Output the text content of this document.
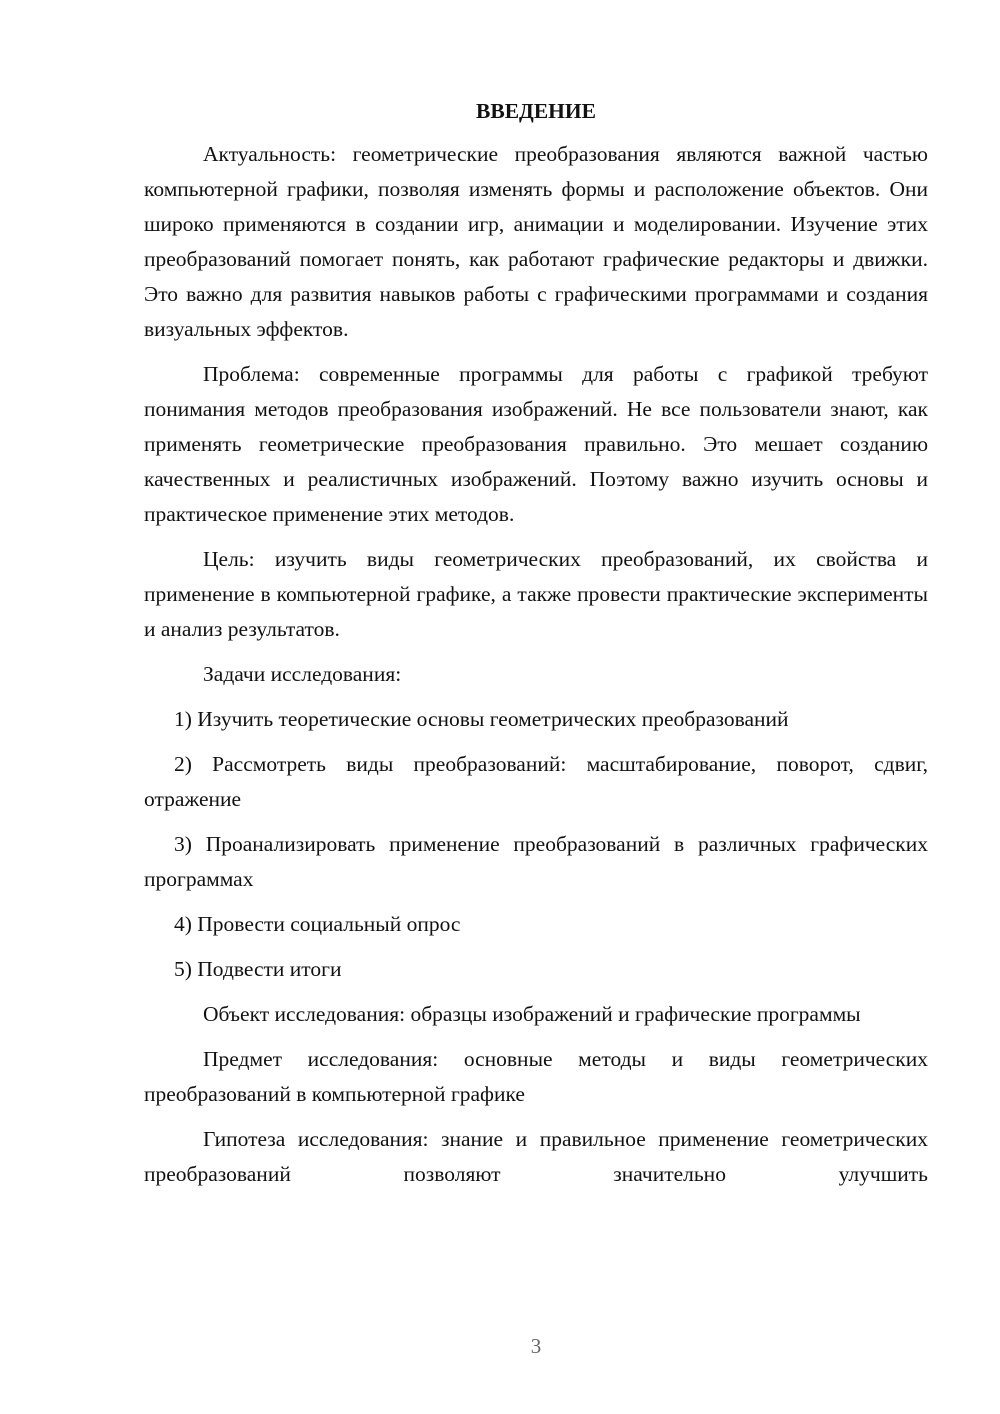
ВВЕДЕНИЕ

Актуальность: геометрические преобразования являются важной частью компьютерной графики, позволяя изменять формы и расположение объектов. Они широко применяются в создании игр, анимации и моделировании. Изучение этих преобразований помогает понять, как работают графические редакторы и движки. Это важно для развития навыков работы с графическими программами и создания визуальных эффектов.

Проблема: современные программы для работы с графикой требуют понимания методов преобразования изображений. Не все пользователи знают, как применять геометрические преобразования правильно. Это мешает созданию качественных и реалистичных изображений. Поэтому важно изучить основы и практическое применение этих методов.

Цель: изучить виды геометрических преобразований, их свойства и применение в компьютерной графике, а также провести практические эксперименты и анализ результатов.

Задачи исследования:

1) Изучить теоретические основы геометрических преобразований

2) Рассмотреть виды преобразований: масштабирование, поворот, сдвиг, отражение

3) Проанализировать применение преобразований в различных графических программах

4) Провести социальный опрос

5) Подвести итоги

Объект исследования: образцы изображений и графические программы

Предмет исследования: основные методы и виды геометрических преобразований в компьютерной графике

Гипотеза исследования: знание и правильное применение геометрических преобразований позволяют значительно улучшить

3
